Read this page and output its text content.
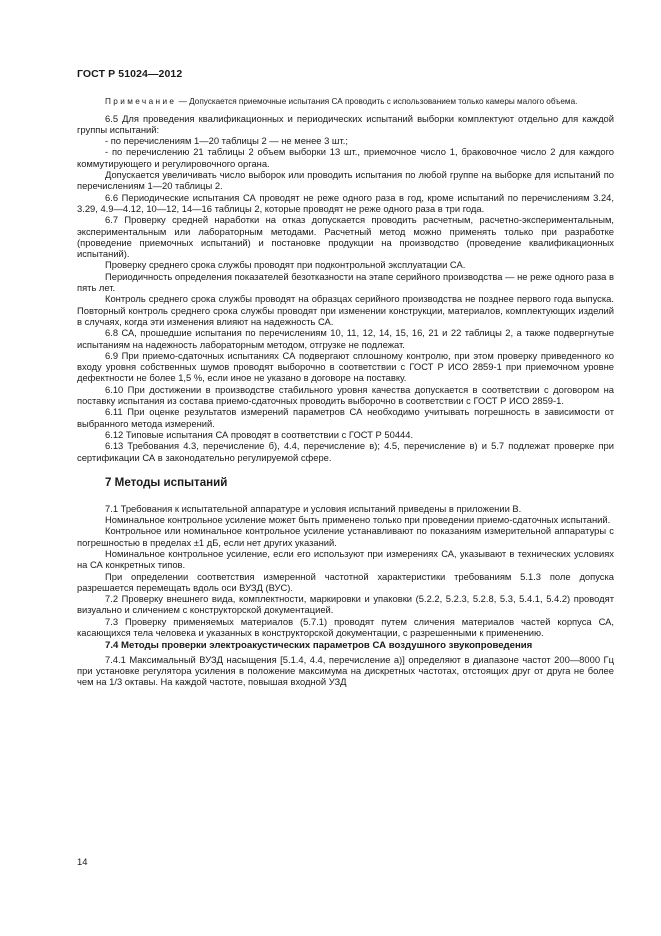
ГОСТ Р 51024—2012

Примечание — Допускается приемочные испытания СА проводить с использованием только камеры малого объема.

6.5 Для проведения квалификационных и периодических испытаний выборки комплектуют отдельно для каждой группы испытаний:

- по перечислениям 1—20 таблицы 2 — не менее 3 шт.;

- по перечислению 21 таблицы 2 объем выборки 13 шт., приемочное число 1, браковочное число 2 для каждого коммутирующего и регулировочного органа.

Допускается увеличивать число выборок или проводить испытания по любой группе на выборке для испытаний по перечислениям 1—20 таблицы 2.

6.6 Периодические испытания СА проводят не реже одного раза в год, кроме испытаний по перечислениям 3.24, 3.29, 4.9—4.12, 10—12, 14—16 таблицы 2, которые проводят не реже одного раза в три года.

6.7 Проверку средней наработки на отказ допускается проводить расчетным, расчетно-экспериментальным, экспериментальным или лабораторным методами. Расчетный метод можно применять только при разработке (проведение приемочных испытаний) и постановке продукции на производство (проведение квалификационных испытаний).

Проверку среднего срока службы проводят при подконтрольной эксплуатации СА.

Периодичность определения показателей безотказности на этапе серийного производства — не реже одного раза в пять лет.

Контроль среднего срока службы проводят на образцах серийного производства не позднее первого года выпуска. Повторный контроль среднего срока службы проводят при изменении конструкции, материалов, комплектующих изделий в случаях, когда эти изменения влияют на надежность СА.

6.8 СА, прошедшие испытания по перечислениям 10, 11, 12, 14, 15, 16, 21 и 22 таблицы 2, а также подвергнутые испытаниям на надежность лабораторным методом, отгрузке не подлежат.

6.9 При приемо-сдаточных испытаниях СА подвергают сплошному контролю, при этом проверку приведенного ко входу уровня собственных шумов проводят выборочно в соответствии с ГОСТ Р ИСО 2859-1 при приемочном уровне дефектности не более 1,5 %, если иное не указано в договоре на поставку.

6.10 При достижении в производстве стабильного уровня качества допускается в соответствии с договором на поставку испытания из состава приемо-сдаточных проводить выборочно в соответствии с ГОСТ Р ИСО 2859-1.

6.11 При оценке результатов измерений параметров СА необходимо учитывать погрешность в зависимости от выбранного метода измерений.

6.12 Типовые испытания СА проводят в соответствии с ГОСТ Р 50444.

6.13 Требования 4.3, перечисление б), 4.4, перечисление в); 4.5, перечисление в) и 5.7 подлежат проверке при сертификации СА в законодательно регулируемой сфере.

7 Методы испытаний

7.1 Требования к испытательной аппаратуре и условия испытаний приведены в приложении В.

Номинальное контрольное усиление может быть применено только при проведении приемо-сдаточных испытаний.

Контрольное или номинальное контрольное усиление устанавливают по показаниям измерительной аппаратуры с погрешностью в пределах ±1 дБ, если нет других указаний.

Номинальное контрольное усиление, если его используют при измерениях СА, указывают в технических условиях на СА конкретных типов.

При определении соответствия измеренной частотной характеристики требованиям 5.1.3 поле допуска разрешается перемещать вдоль оси ВУЗД (ВУС).

7.2 Проверку внешнего вида, комплектности, маркировки и упаковки (5.2.2, 5.2.3, 5.2.8, 5.3, 5.4.1, 5.4.2) проводят визуально и сличением с конструкторской документацией.

7.3 Проверку применяемых материалов (5.7.1) проводят путем сличения материалов частей корпуса СА, касающихся тела человека и указанных в конструкторской документации, с разрешенными к применению.

7.4 Методы проверки электроакустических параметров СА воздушного звукопроведения

7.4.1 Максимальный ВУЗД насыщения [5.1.4, 4.4, перечисление а)] определяют в диапазоне частот 200—8000 Гц при установке регулятора усиления в положение максимума на дискретных частотах, отстоящих друг от друга не более чем на 1/3 октавы. На каждой частоте, повышая входной УЗД

14
